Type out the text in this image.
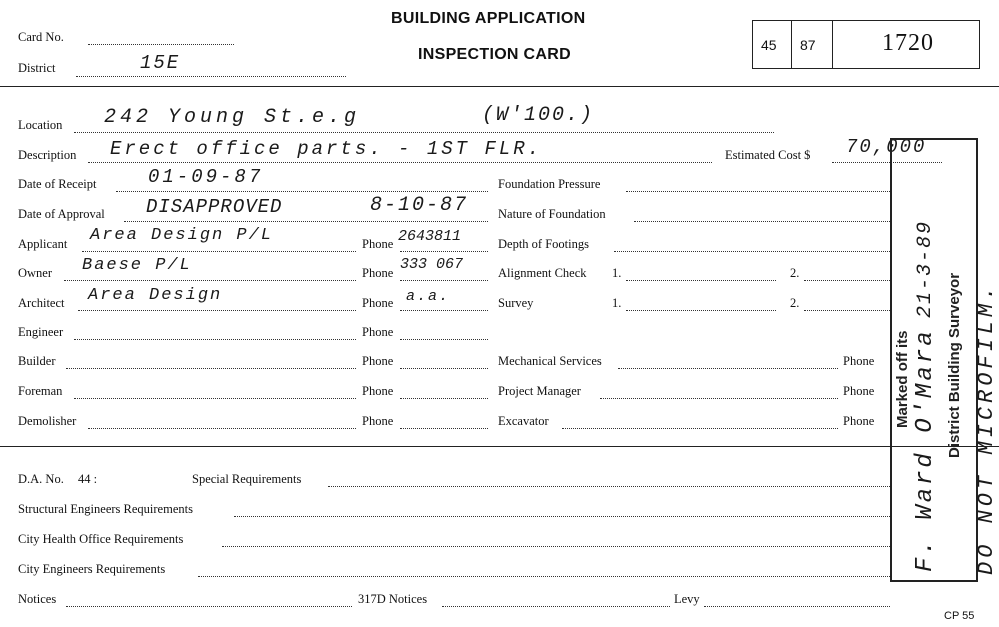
Card No.
District	15E
BUILDING APPLICATION
INSPECTION CARD
45 87	1720
Location 242 Young St.e.g	(W'100.)
Description Erect office parts. - 1ST FLR.	Estimated Cost $ 70,000
Date of Receipt	01-09-87
Date of Approval DISAPPROVED	8-10-87
Applicant Area Design P/L	Phone 2643811
Owner Baese P/L	Phone 333 067
Architect Area Design	Phone a.a.
Engineer	Phone
Builder	Phone
Foreman	Phone
Demolisher	Phone
Foundation Pressure
Nature of Foundation
Depth of Footings
Alignment Check 1.	2.
Survey	1.	2.
Mechanical Services	Phone
Project Manager	Phone
Excavator	Phone
D.A. No. 44 :	Special Requirements
Structural Engineers Requirements
City Health Office Requirements
City Engineers Requirements
Notices	317D Notices	Levy
CP 55
Marked off its District Building Surveyor
21-3-89
F. Ward O'Mara DO NOT MICROFILM.
